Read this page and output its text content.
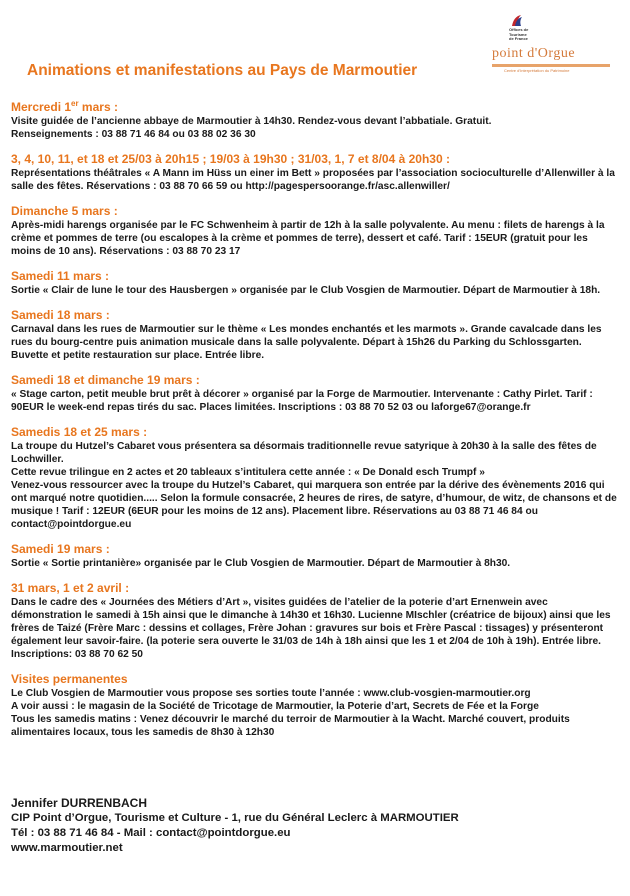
Offices de
Tourisme
de France
point d'Orgue
Centre d'Interprétation du Patrimoine
Animations et manifestations au Pays de Marmoutier
Mercredi 1er mars :

Visite guidée de l’ancienne abbaye de Marmoutier à 14h30. Rendez-vous devant l’abbatiale. Gratuit.

Renseignements : 03 88 71 46 84 ou 03 88 02 36 30

3, 4, 10, 11, et 18 et 25/03 à 20h15 ; 19/03 à 19h30 ; 31/03, 1, 7 et 8/04 à 20h30 :

Représentations théâtrales « A Mann im Hüss un einer im Bett » proposées par l’association socioculturelle d’Allenwiller à la salle des fêtes. Réservations : 03 88 70 66 59 ou http://pagespersoorange.fr/asc.allenwiller/

Dimanche 5 mars :

Après-midi harengs organisée par le FC Schwenheim à partir de 12h à la salle polyvalente. Au menu : filets de harengs à la crème et pommes de terre (ou escalopes à la crème et pommes de terre), dessert et café. Tarif : 15EUR (gratuit pour les moins de 10 ans). Réservations : 03 88 70 23 17

Samedi 11 mars :

Sortie « Clair de lune le tour des Hausbergen » organisée par le Club Vosgien de Marmoutier. Départ de Marmoutier à 18h.

Samedi 18 mars :

Carnaval dans les rues de Marmoutier sur le thème « Les mondes enchantés et les marmots ». Grande cavalcade dans les rues du bourg-centre puis animation musicale dans la salle polyvalente. Départ à 15h26 du Parking du Schlossgarten. Buvette et petite restauration sur place. Entrée libre.

Samedi 18 et dimanche 19 mars :

« Stage carton, petit meuble brut prêt à décorer » organisé par la Forge de Marmoutier. Intervenante : Cathy Pirlet. Tarif : 90EUR le week-end repas tirés du sac. Places limitées. Inscriptions : 03 88 70 52 03 ou laforge67@orange.fr

Samedis 18 et 25 mars :

La troupe du Hutzel’s Cabaret vous présentera sa désormais traditionnelle revue satyrique à 20h30 à la salle des fêtes de Lochwiller.

Cette revue trilingue en 2 actes et 20 tableaux s’intitulera cette année : « De Donald esch Trumpf »

Venez-vous ressourcer avec la troupe du Hutzel’s Cabaret, qui marquera son entrée par la dérive des évènements 2016 qui ont marqué notre quotidien..... Selon la formule consacrée, 2 heures de rires, de satyre, d’humour, de witz, de chansons et de musique ! Tarif : 12EUR (6EUR pour les moins de 12 ans). Placement libre. Réservations au 03 88 71 46 84 ou contact@pointdorgue.eu

Samedi 19 mars :

Sortie « Sortie printanière» organisée par le Club Vosgien de Marmoutier. Départ de Marmoutier à 8h30.

31 mars, 1 et 2 avril :

Dans le cadre des « Journées des Métiers d’Art », visites guidées de l’atelier de la poterie d’art Ernenwein avec démonstration le samedi à 15h ainsi que le dimanche à 14h30 et 16h30. Lucienne MIschler (créatrice de bijoux) ainsi que les frères de Taizé (Frère Marc : dessins et collages, Frère Johan : gravures sur bois et Frère Pascal : tissages) y présenteront également leur savoir-faire. (la poterie sera ouverte le 31/03 de 14h à 18h ainsi que les 1 et 2/04 de 10h à 19h). Entrée libre. Inscriptions: 03 88 70 62 50

Visites permanentes

Le Club Vosgien de Marmoutier vous propose ses sorties toute l’année : www.club-vosgien-marmoutier.org

A voir aussi : le magasin de la Société de Tricotage de Marmoutier, la Poterie d’art, Secrets de Fée et la Forge

Tous les samedis matins : Venez découvrir le marché du terroir de Marmoutier à la Wacht. Marché couvert, produits alimentaires locaux, tous les samedis de 8h30 à 12h30

Jennifer DURRENBACH

CIP Point d’Orgue, Tourisme et Culture - 1, rue du Général Leclerc à MARMOUTIER

Tél : 03 88 71 46 84 - Mail : contact@pointdorgue.eu

www.marmoutier.net
